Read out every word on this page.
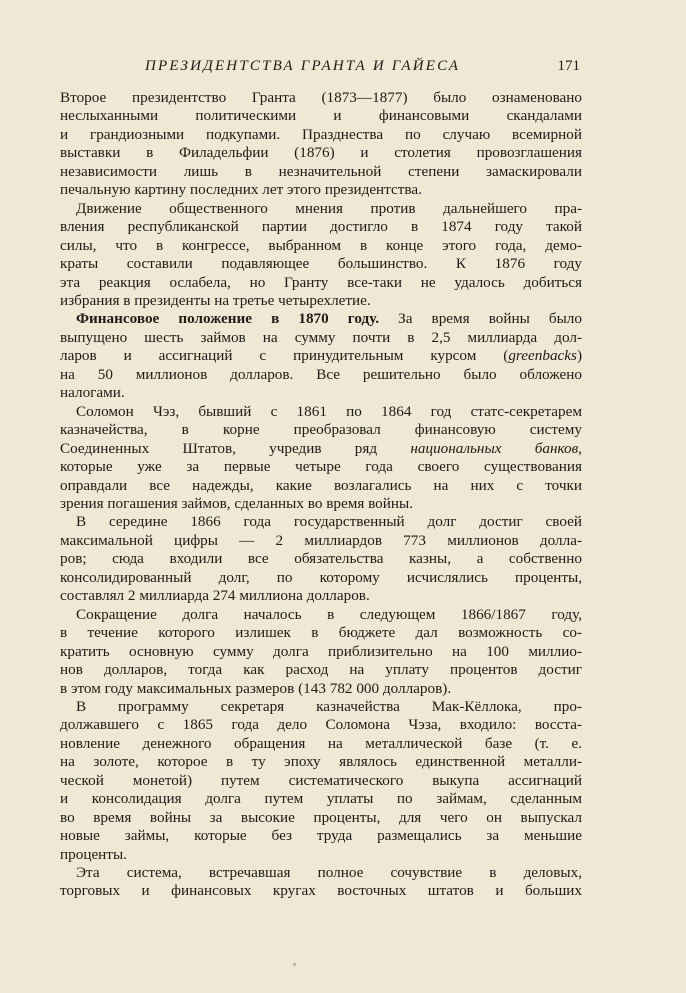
ПРЕЗИДЕНТСТВА ГРАНТА И ГАЙЕСА	171
Второе президентство Гранта (1873—1877) было ознаменовано
неслыханными политическими и финансовыми скандалами
и грандиозными подкупами. Празднества по случаю всемирной
выставки в Филадельфии (1876) и столетия провозглашения
независимости лишь в незначительной степени замаскировали
печальную картину последних лет этого президентства.
Движение общественного мнения против дальнейшего пра-
вления республиканской партии достигло в 1874 году такой
силы, что в конгрессе, выбранном в конце этого года, демо-
краты составили подавляющее большинство. К 1876 году
эта реакция ослабела, но Гранту все-таки не удалось добиться
избрания в президенты на третье четырехлетие.
Финансовое положение в 1870 году. За время войны было
выпущено шесть займов на сумму почти в 2,5 миллиарда дол-
ларов и ассигнаций с принудительным курсом (greenbacks)
на 50 миллионов долларов. Все решительно было обложено
налогами.
Соломон Чэз, бывший с 1861 по 1864 год статс-секретарем
казначейства, в корне преобразовал финансовую систему
Соединенных Штатов, учредив ряд национальных банков,
которые уже за первые четыре года своего существования
оправдали все надежды, какие возлагались на них с точки
зрения погашения займов, сделанных во время войны.
В середине 1866 года государственный долг достиг своей
максимальной цифры — 2 миллиардов 773 миллионов долла-
ров; сюда входили все обязательства казны, а собственно
консолидированный долг, по которому исчислялись проценты,
составлял 2 миллиарда 274 миллиона долларов.
Сокращение долга началось в следующем 1866/1867 году,
в течение которого излишек в бюджете дал возможность со-
кратить основную сумму долга приблизительно на 100 миллио-
нов долларов, тогда как расход на уплату процентов достиг
в этом году максимальных размеров (143 782 000 долларов).
В программу секретаря казначейства Мак-Кёллока, про-
должавшего с 1865 года дело Соломона Чэза, входило: восста-
новление денежного обращения на металлической базе (т. е.
на золоте, которое в ту эпоху являлось единственной металли-
ческой монетой) путем систематического выкупа ассигнаций
и консолидация долга путем уплаты по займам, сделанным
во время войны за высокие проценты, для чего он выпускал
новые займы, которые без труда размещались за меньшие
проценты.
Эта система, встречавшая полное сочувствие в деловых,
торговых и финансовых кругах восточных штатов и больших
